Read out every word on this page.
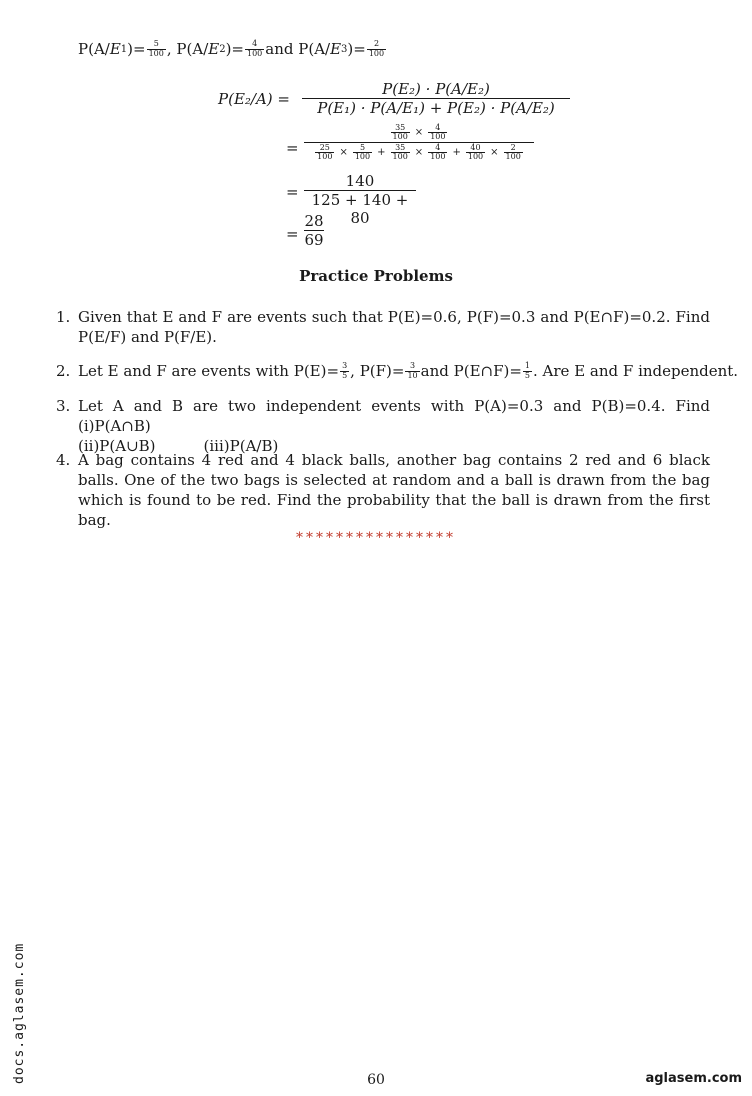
P(A/ E 1 )= $\frac{5}{100}$ , P(A/ E 2 )= $\frac{4}{100}$ and P(A/ E 3 )= $\frac{2}{100}$
$P(E_2/A) = \frac{\text{P(E₂) · P(A/E₂)}}{\text{P(E₁) · P(A/E₁) + P(E₂) · P(A/E₂)}}$
=
$\frac{35}{100} \times \frac{4}{100}$
$\frac{25}{100} \times \frac{5}{100} + \frac{35}{100} \times \frac{4}{100} + \frac{40}{100} \times \frac{2}{100}$
= $\frac{140}{125 + 140 + 80}$
= $\frac{28}{69}$
Practice Problems
1. Given that E and F are events such that P(E)=0.6, P(F)=0.3 and P(E∩F)=0.2. Find P(E/F) and P(F/E).
2. Let E and F are events with $P(E)= \frac{3}{5}$ , $P(F)= \frac{3}{10}$ and P(E∩F)= $\frac{1}{5}$ . Are E and F independent.
3. Let A and B are two independent events with P(A)=0.3 and P(B)=0.4. Find (i)P(A∩B)
(ii)P(A∪B)	(iii)P(A/B)
4. A bag contains 4 red and 4 black balls, another bag contains 2 red and 6 black balls. One of the two bags is selected at random and a ball is drawn from the bag which is found to be red. Find the probability that the ball is drawn from the first bag.
****************
docs.aglasem.com	60	aglasem.com
